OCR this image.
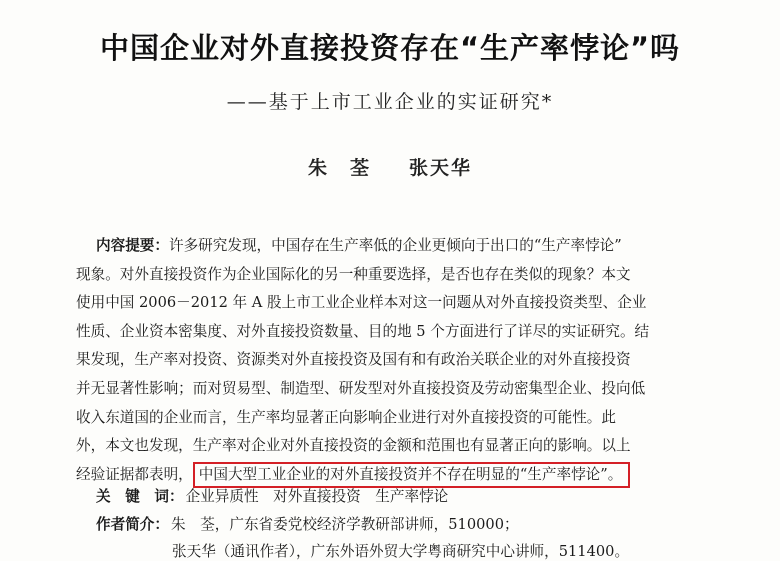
中国企业对外直接投资存在“生产率悖论”吗
——基于上市工业企业的实证研究*
朱　荃 张天华
内容提要：许多研究发现，中国存在生产率低的企业更倾向于出口的“生产率悖论”
现象。对外直接投资作为企业国际化的另一种重要选择，是否也存在类似的现象？本文
使用中国 2006－2012 年 A 股上市工业企业样本对这一问题从对外直接投资类型、企业
性质、企业资本密集度、对外直接投资数量、目的地 5 个方面进行了详尽的实证研究。结
果发现，生产率对投资、资源类对外直接投资及国有和有政治关联企业的对外直接投资
并无显著性影响；而对贸易型、制造型、研发型对外直接投资及劳动密集型企业、投向低
收入东道国的企业而言，生产率均显著正向影响企业进行对外直接投资的可能性。此
外，本文也发现，生产率对企业对外直接投资的金额和范围也有显著正向的影响。以上
经验证据都表明， 中国大型工业企业的对外直接投资并不存在明显的“生产率悖论”。
关　键　词： 企业异质性　对外直接投资　生产率悖论
作者简介： 朱　荃，广东省委党校经济学教研部讲师，510000；
张天华（通讯作者），广东外语外贸大学粤商研究中心讲师，511400。
